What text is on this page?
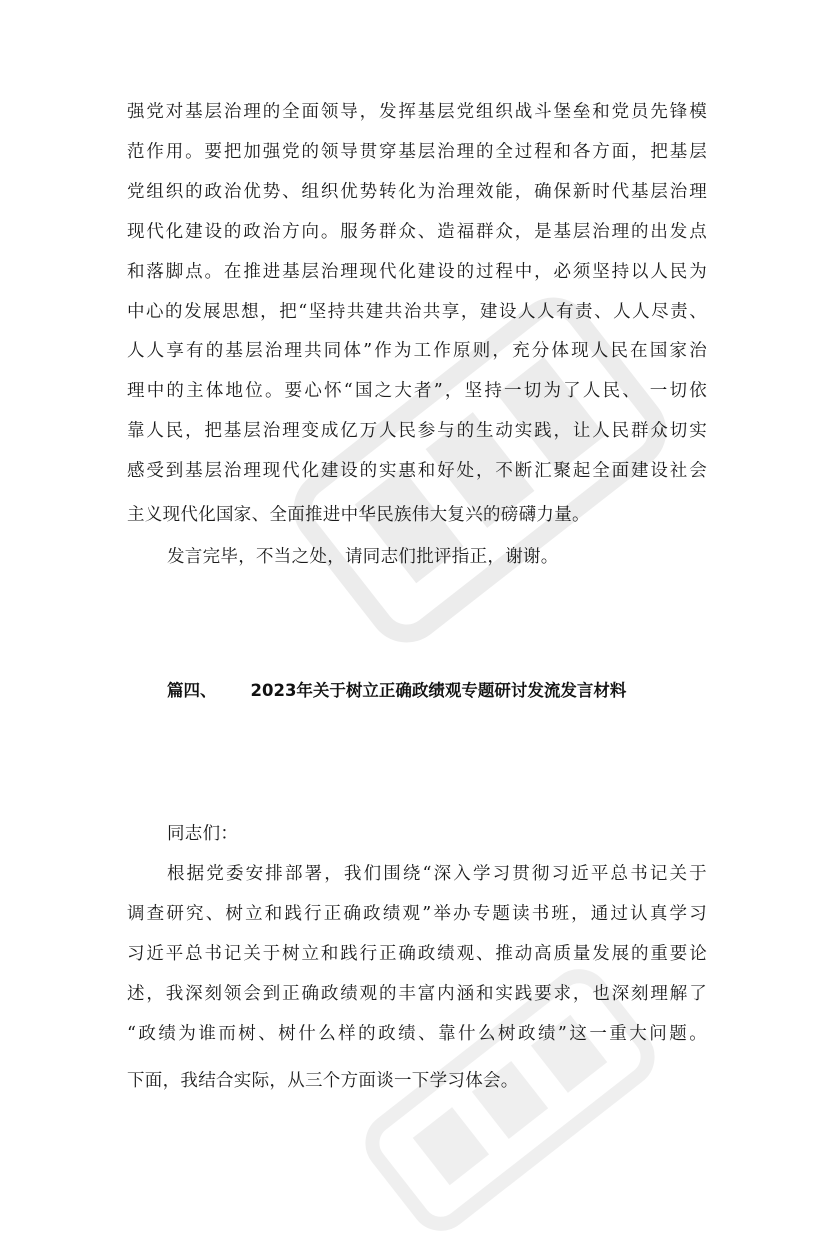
强党对基层治理的全面领导，发挥基层党组织战斗堡垒和党员先锋模
范作用。要把加强党的领导贯穿基层治理的全过程和各方面，把基层
党组织的政治优势、组织优势转化为治理效能，确保新时代基层治理
现代化建设的政治方向。服务群众、造福群众，是基层治理的出发点
和落脚点。在推进基层治理现代化建设的过程中，必须坚持以人民为
中心的发展思想，把“坚持共建共治共享，建设人人有责、人人尽责、
人人享有的基层治理共同体”作为工作原则，充分体现人民在国家治
理中的主体地位。要心怀“国之大者”，坚持一切为了人民、 一切依
靠人民，把基层治理变成亿万人民参与的生动实践，让人民群众切实
感受到基层治理现代化建设的实惠和好处，不断汇聚起全面建设社会
主义现代化国家、全面推进中华民族伟大复兴的磅礴力量。
发言完毕，不当之处，请同志们批评指正，谢谢。
篇四、 2023年关于树立正确政绩观专题研讨发流发言材料
同志们：
根据党委安排部署，我们围绕“深入学习贯彻习近平总书记关于
调查研究、树立和践行正确政绩观”举办专题读书班，通过认真学习
习近平总书记关于树立和践行正确政绩观、推动高质量发展的重要论
述，我深刻领会到正确政绩观的丰富内涵和实践要求，也深刻理解了
“政绩为谁而树、树什么样的政绩、靠什么树政绩”这一重大问题。
下面，我结合实际，从三个方面谈一下学习体会。
